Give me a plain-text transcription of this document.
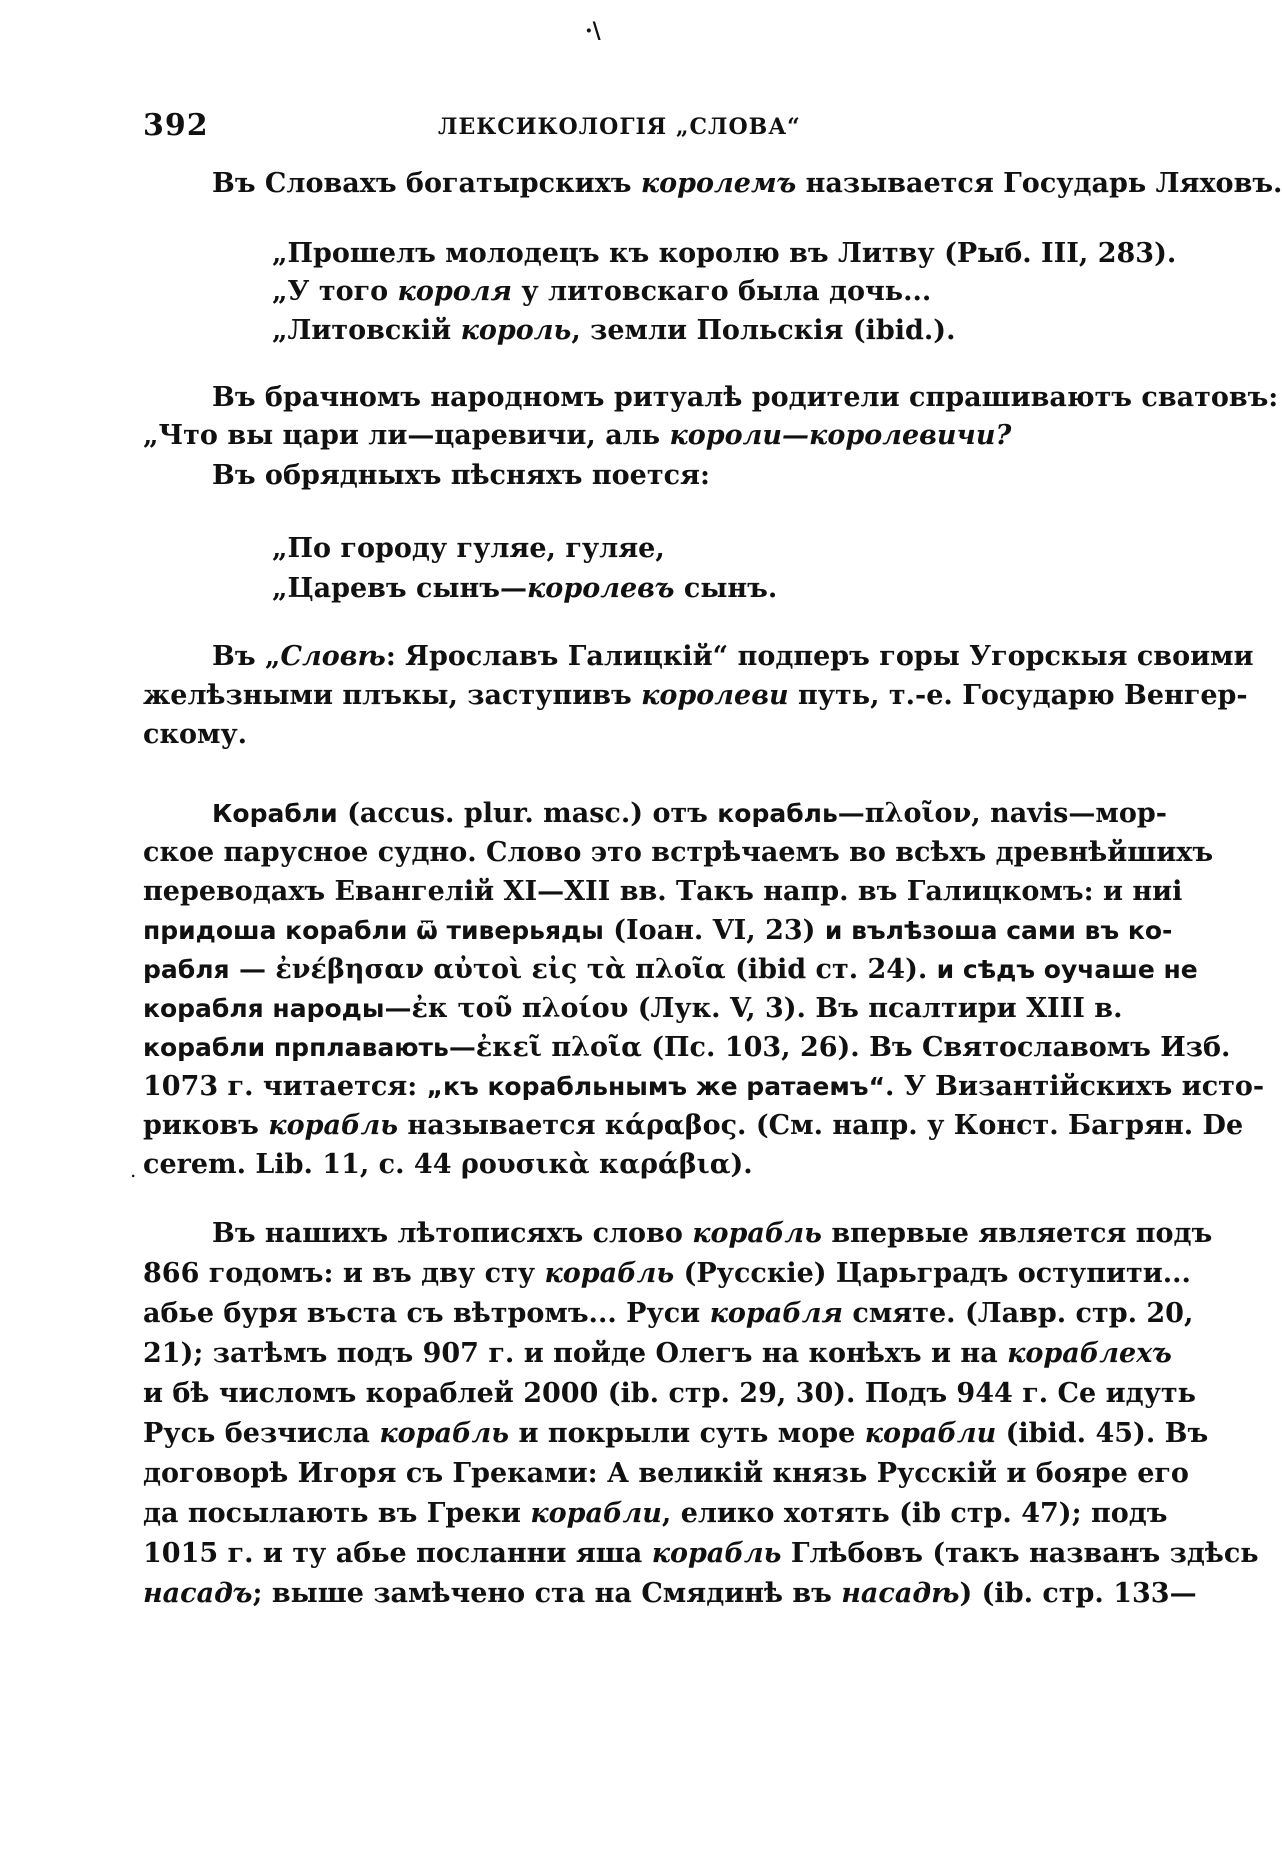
·\
392	ЛЕКСИКОЛОГІЯ „СЛОВА“
Въ Словахъ богатырскихъ королемъ называется Государь Ляховъ.
„Прошелъ молодецъ къ королю въ Литву (Рыб. III, 283).
„У того короля у литовскаго была дочь...
„Литовскій король, земли Польскія (ibid.).
Въ брачномъ народномъ ритуалѣ родители спрашиваютъ сватовъ:
„Что вы цари ли—царевичи, аль короли—королевичи?
Въ обрядныхъ пѣсняхъ поется:
„По городу гуляе, гуляе,
„Царевъ сынъ—королевъ сынъ.
Въ „Словѣ: Ярославъ Галицкій“ подперъ горы Угорскыя своими
желѣзными плъкы, заступивъ королеви путь, т.-е. Государю Венгер-
скому.
Корабли (accus. plur. masc.) отъ корабль—πλοῖον, navis—мор-
ское парусное судно. Слово это встрѣчаемъ во всѣхъ древнѣйшихъ
переводахъ Евангелій XI—XII вв. Такъ напр. въ Галицкомъ: и ниі
придоша корабли ѿ тиверьяды (Іоан. VI, 23) и вълѣзоша сами въ ко-
рабля — ἐνέβησαν αὐτοὶ εἰς τὰ πλοῖα (ibid ст. 24). и сѣдъ оучаше не
корабля народы—ἐκ τοῦ πλοίου (Лук. V, 3). Въ псалтири XIII в.
корабли прплавають—ἐκεῖ πλοῖα (Пс. 103, 26). Въ Святославомъ Изб.
1073 г. читается: „къ корабльнымъ же ратаемъ“. У Византійскихъ исто-
риковъ корабль называется κάραβος. (См. напр. у Конст. Багрян. De
cerem. Lib. 11, с. 44 ρουσικὰ καράβια).
Въ нашихъ лѣтописяхъ слово корабль впервые является подъ
866 годомъ: и въ дву сту корабль (Русскіе) Царьградъ оступити...
абье буря въста съ вѣтромъ... Руси корабля смяте. (Лавр. стр. 20,
21); затѣмъ подъ 907 г. и пойде Олегъ на конѣхъ и на кораблехъ
и бѣ числомъ кораблей 2000 (ib. стр. 29, 30). Подъ 944 г. Се идуть
Русь безчисла корабль и покрыли суть море корабли (ibid. 45). Въ
договорѣ Игоря съ Греками: А великій князь Русскій и бояре его
да посылають въ Греки корабли, елико хотять (ib стр. 47); подъ
1015 г. и ту абье посланни яша корабль Глѣбовъ (такъ названъ здѣсь
насадъ; выше замѣчено ста на Смядинѣ въ насадѣ) (ib. стр. 133—
.
